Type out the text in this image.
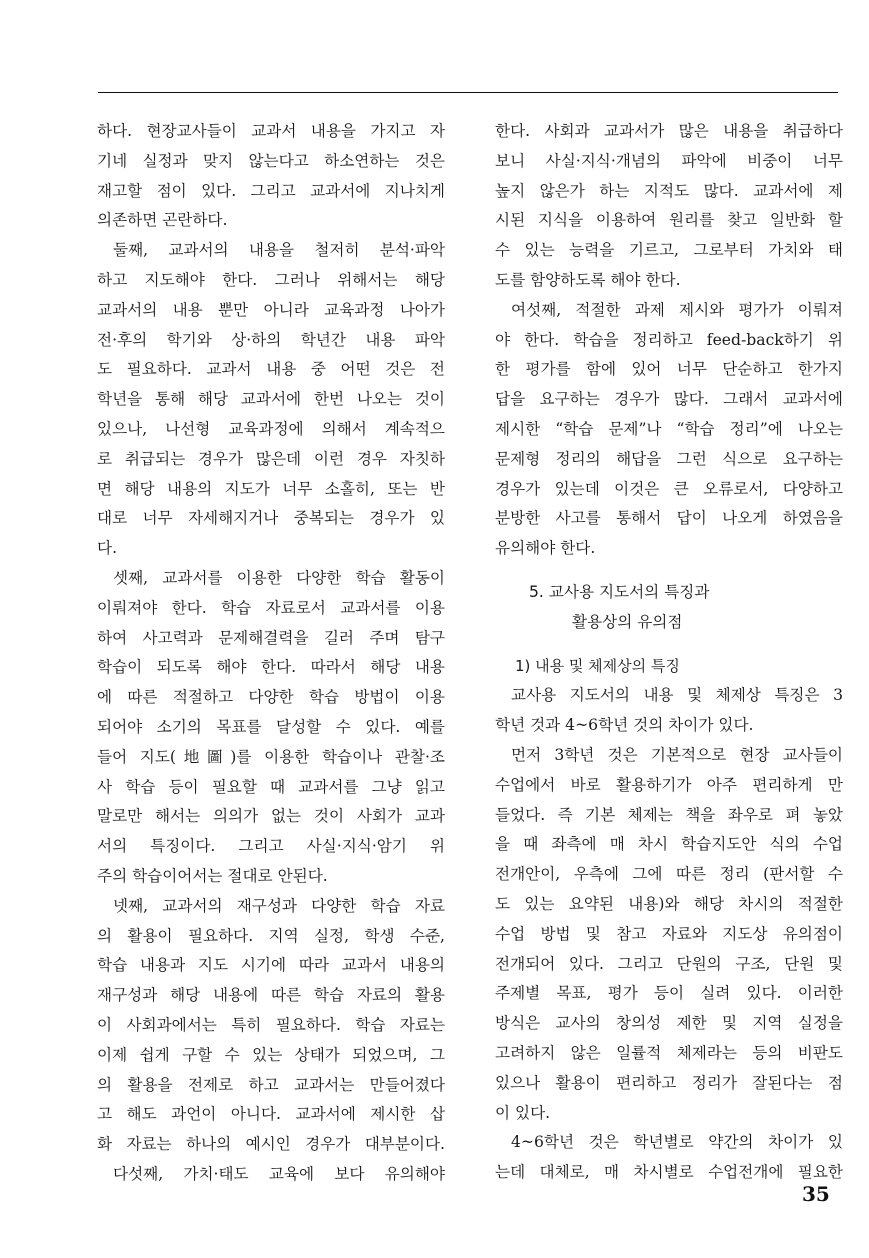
하다. 현장교사들이 교과서 내용을 가지고 자
기네 실정과 맞지 않는다고 하소연하는 것은
재고할 점이 있다. 그리고 교과서에 지나치게
의존하면 곤란하다.
둘째, 교과서의 내용을 철저히 분석·파악
하고 지도해야 한다. 그러나 위해서는 해당
교과서의 내용 뿐만 아니라 교육과정 나아가
전·후의 학기와 상·하의 학년간 내용 파악
도 필요하다. 교과서 내용 중 어떤 것은 전
학년을 통해 해당 교과서에 한번 나오는 것이
있으나, 나선형 교육과정에 의해서 계속적으
로 취급되는 경우가 많은데 이런 경우 자칫하
면 해당 내용의 지도가 너무 소홀히, 또는 반
대로 너무 자세해지거나 중복되는 경우가 있
다.
셋째, 교과서를 이용한 다양한 학습 활동이
이뤄져야 한다. 학습 자료로서 교과서를 이용
하여 사고력과 문제해결력을 길러 주며 탐구
학습이 되도록 해야 한다. 따라서 해당 내용
에 따른 적절하고 다양한 학습 방법이 이용
되어야 소기의 목표를 달성할 수 있다. 예를
들어 지도(地圖)를 이용한 학습이나 관찰·조
사 학습 등이 필요할 때 교과서를 그냥 읽고
말로만 해서는 의의가 없는 것이 사회가 교과
서의 특징이다. 그리고 사실·지식·암기 위
주의 학습이어서는 절대로 안된다.
넷째, 교과서의 재구성과 다양한 학습 자료
의 활용이 필요하다. 지역 실정, 학생 수준,
학습 내용과 지도 시기에 따라 교과서 내용의
재구성과 해당 내용에 따른 학습 자료의 활용
이 사회과에서는 특히 필요하다. 학습 자료는
이제 쉽게 구할 수 있는 상태가 되었으며, 그
의 활용을 전제로 하고 교과서는 만들어졌다
고 해도 과언이 아니다. 교과서에 제시한 삽
화 자료는 하나의 예시인 경우가 대부분이다.
다섯째, 가치·태도 교육에 보다 유의해야
한다. 사회과 교과서가 많은 내용을 취급하다
보니 사실·지식·개념의 파악에 비중이 너무
높지 않은가 하는 지적도 많다. 교과서에 제
시된 지식을 이용하여 원리를 찾고 일반화 할
수 있는 능력을 기르고, 그로부터 가치와 태
도를 함양하도록 해야 한다.
여섯째, 적절한 과제 제시와 평가가 이뤄져
야 한다. 학습을 정리하고 feed-back하기 위
한 평가를 함에 있어 너무 단순하고 한가지
답을 요구하는 경우가 많다. 그래서 교과서에
제시한 “학습 문제”나 “학습 정리”에 나오는
문제형 정리의 해답을 그런 식으로 요구하는
경우가 있는데 이것은 큰 오류로서, 다양하고
분방한 사고를 통해서 답이 나오게 하였음을
유의해야 한다.
5. 교사용 지도서의 특징과
활용상의 유의점
1) 내용 및 체제상의 특징
교사용 지도서의 내용 및 체제상 특징은 3
학년 것과 4~6학년 것의 차이가 있다.
먼저 3학년 것은 기본적으로 현장 교사들이
수업에서 바로 활용하기가 아주 편리하게 만
들었다. 즉 기본 체제는 책을 좌우로 펴 놓았
을 때 좌측에 매 차시 학습지도안 식의 수업
전개안이, 우측에 그에 따른 정리 (판서할 수
도 있는 요약된 내용)와 해당 차시의 적절한
수업 방법 및 참고 자료와 지도상 유의점이
전개되어 있다. 그리고 단원의 구조, 단원 및
주제별 목표, 평가 등이 실려 있다. 이러한
방식은 교사의 창의성 제한 및 지역 실정을
고려하지 않은 일률적 체제라는 등의 비판도
있으나 활용이 편리하고 정리가 잘된다는 점
이 있다.
4~6학년 것은 학년별로 약간의 차이가 있
는데 대체로, 매 차시별로 수업전개에 필요한
35
